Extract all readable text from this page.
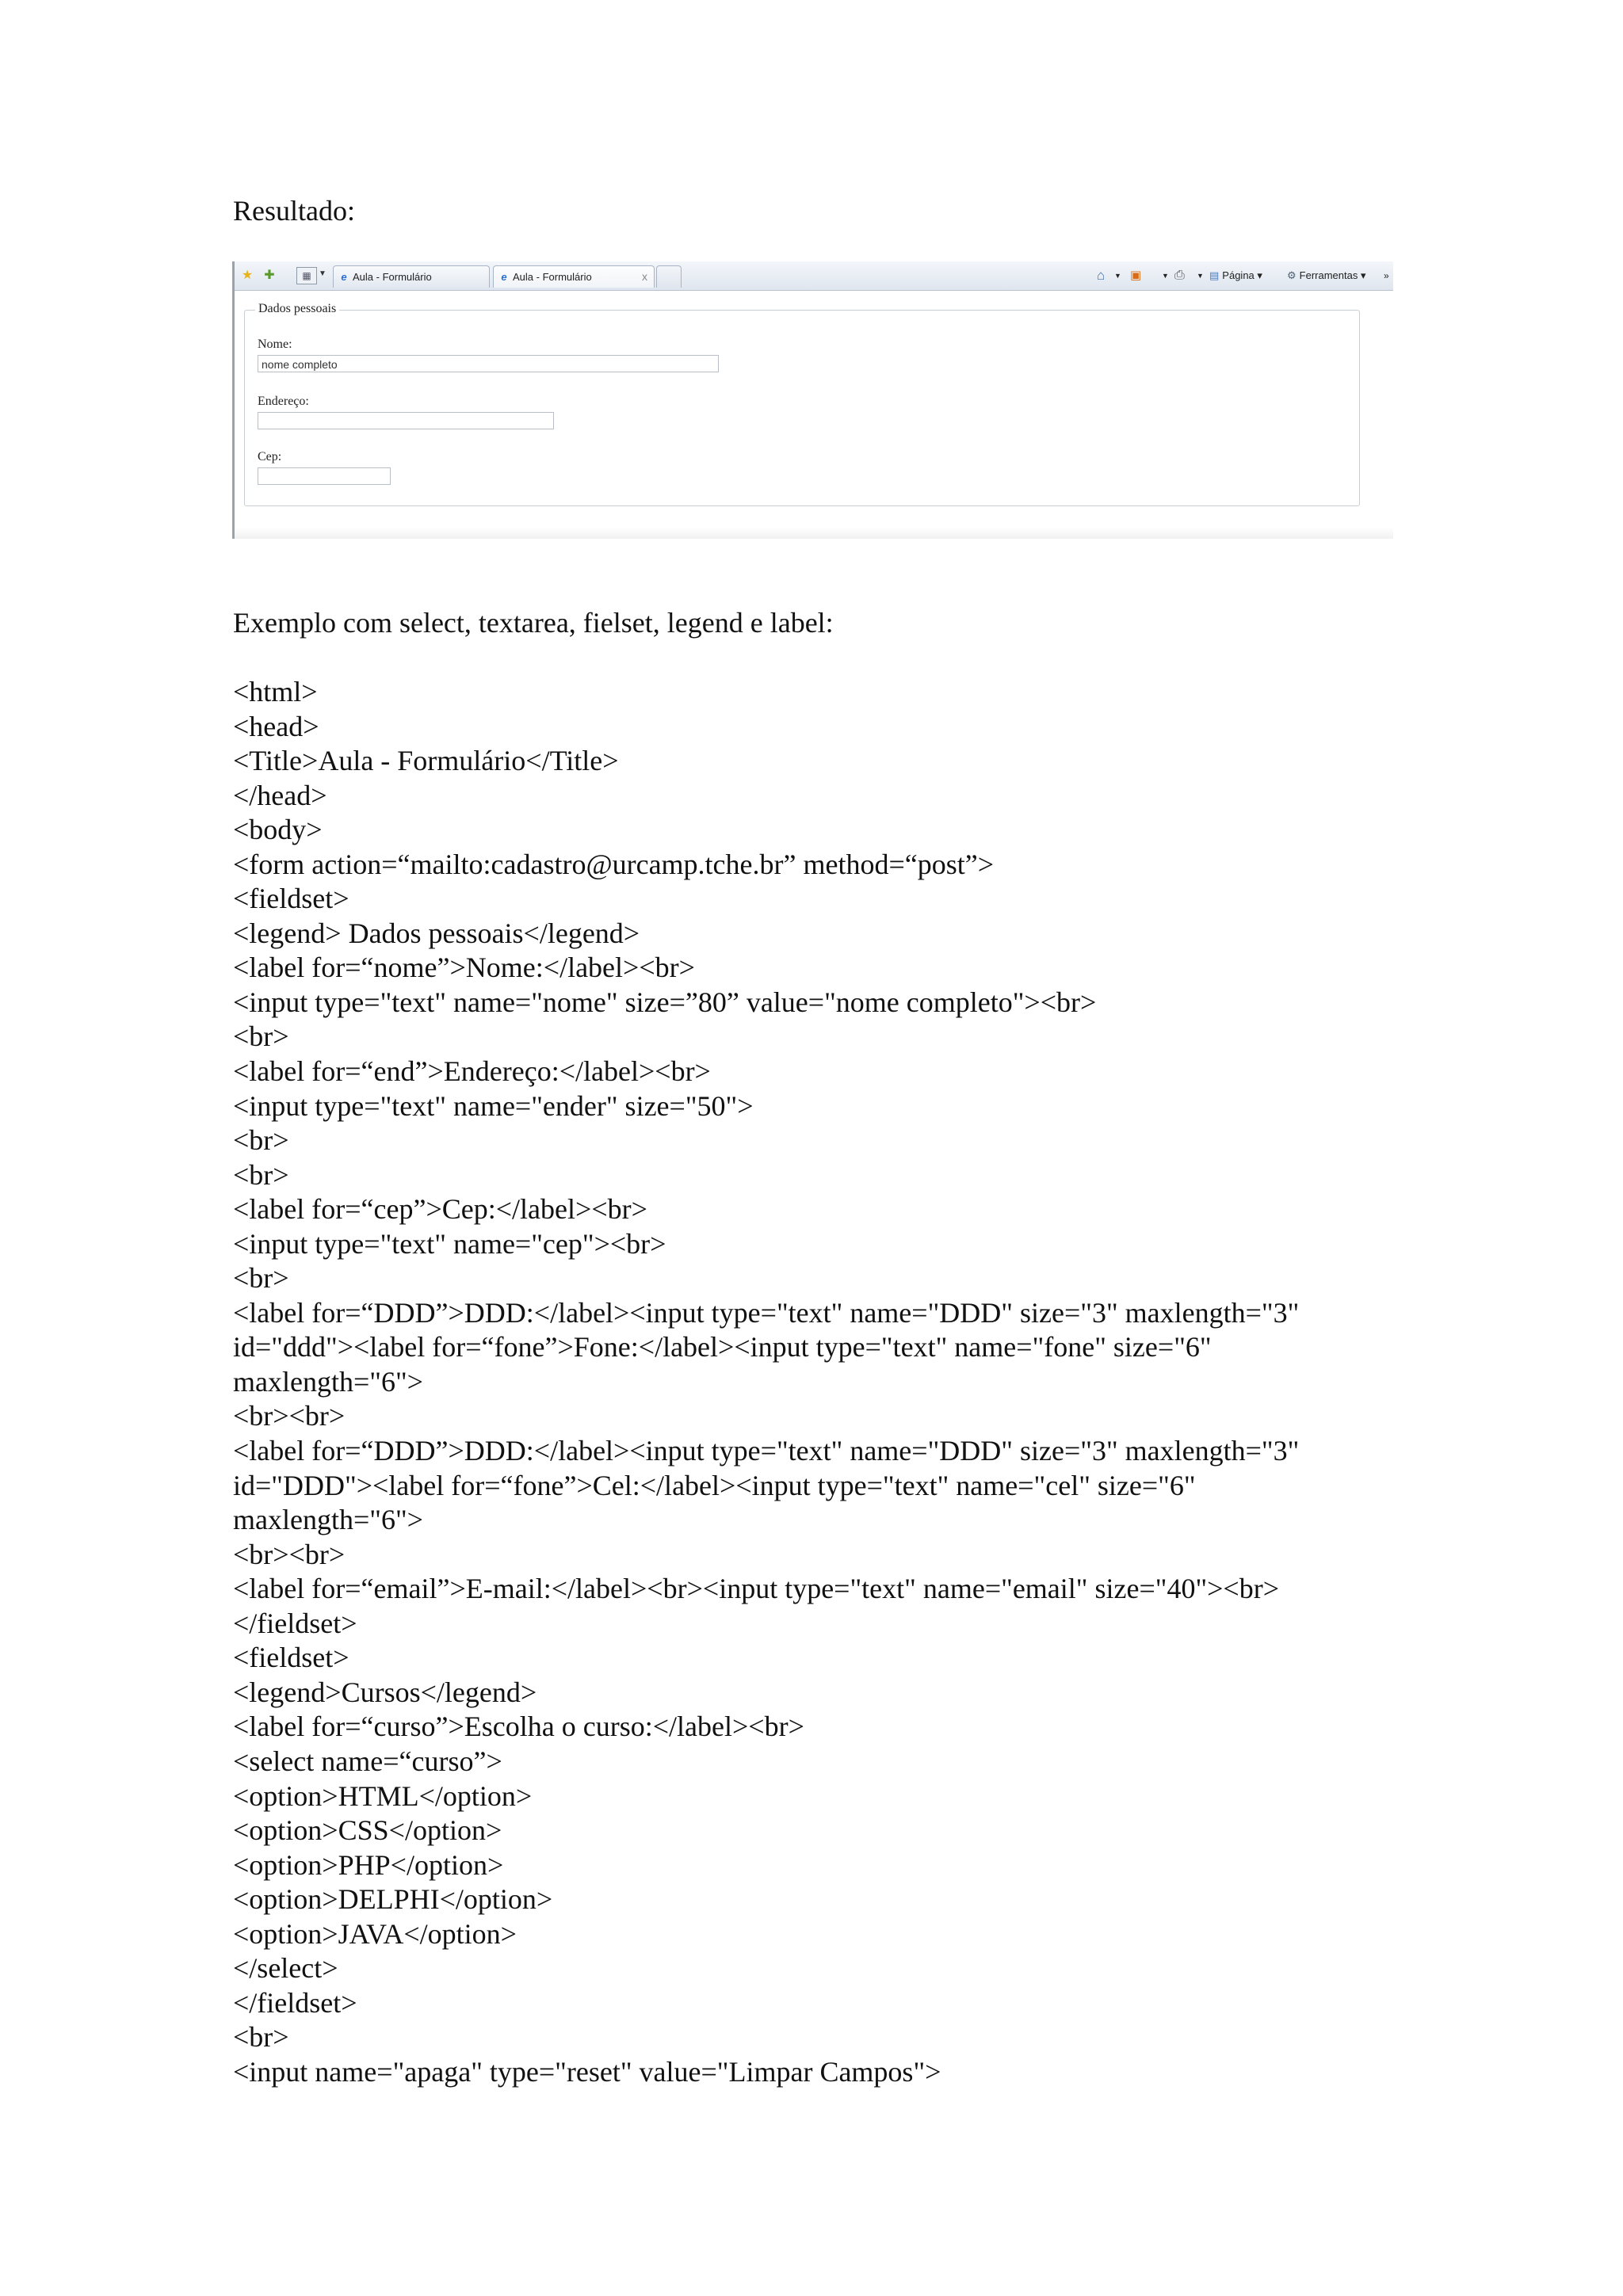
Resultado:
★ ✚	▦ ▼	e Aula - Formulário	e Aula - Formulário	x	⌂ ▼ ▣	▼ ⎙ ▼ ▤ Página ▾ ⚙ Ferramentas ▾ »
Nome:
nome completo
Endereço:
Cep:
Dados pessoais
Exemplo com select, textarea, fielset, legend e label:
<html>
<head>
<Title>Aula - Formulário</Title>
</head>
<body>
<form action=“mailto:cadastro@urcamp.tche.br” method=“post”>
<fieldset>
<legend> Dados pessoais</legend>
<label for=“nome”>Nome:</label><br>
<input type="text" name="nome" size=”80” value="nome completo"><br>
<br>
<label for=“end”>Endereço:</label><br>
<input type="text" name="ender" size="50">
<br>
<br>
<label for=“cep”>Cep:</label><br>
<input type="text" name="cep"><br>
<br>
<label for=“DDD”>DDD:</label><input type="text" name="DDD" size="3" maxlength="3"
id="ddd"><label for=“fone”>Fone:</label><input type="text" name="fone" size="6"
maxlength="6">
<br><br>
<label for=“DDD”>DDD:</label><input type="text" name="DDD" size="3" maxlength="3"
id="DDD"><label for=“fone”>Cel:</label><input type="text" name="cel" size="6"
maxlength="6">
<br><br>
<label for=“email”>E-mail:</label><br><input type="text" name="email" size="40"><br>
</fieldset>
<fieldset>
<legend>Cursos</legend>
<label for=“curso”>Escolha o curso:</label><br>
<select name=“curso”>
<option>HTML</option>
<option>CSS</option>
<option>PHP</option>
<option>DELPHI</option>
<option>JAVA</option>
</select>
</fieldset>
<br>
<input name="apaga" type="reset" value="Limpar Campos">
